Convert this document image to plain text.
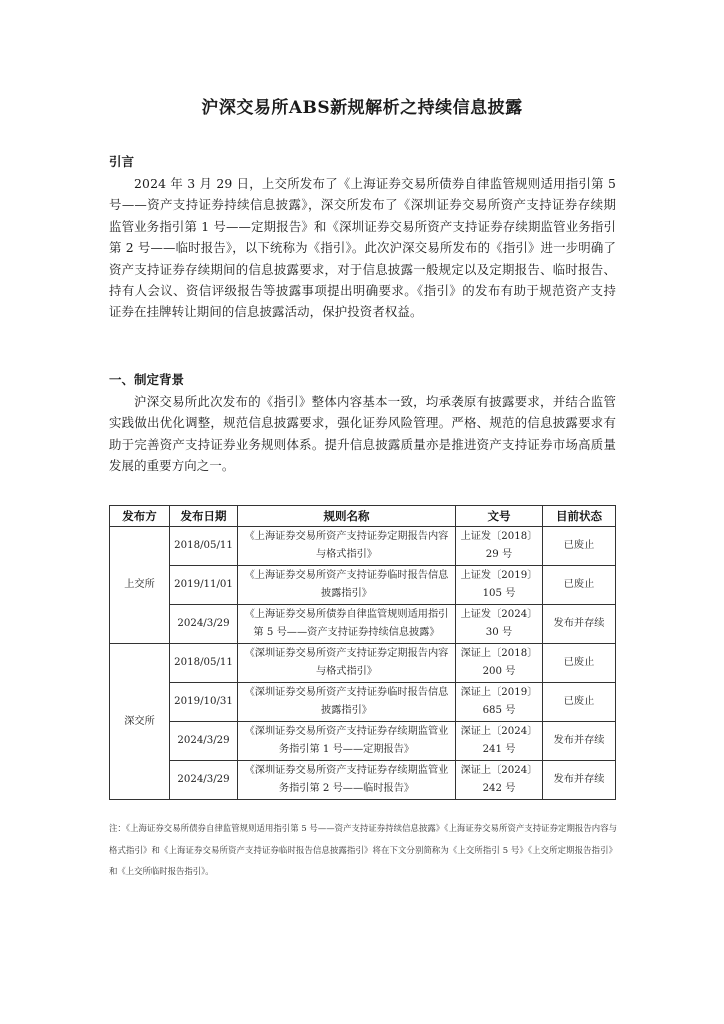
沪深交易所ABS新规解析之持续信息披露
引言
2024 年 3 月 29 日，上交所发布了《上海证券交易所债券自律监管规则适用指引第 5 号——资产支持证券持续信息披露》，深交所发布了《深圳证券交易所资产支持证券存续期监管业务指引第 1 号——定期报告》和《深圳证券交易所资产支持证券存续期监管业务指引第 2 号——临时报告》，以下统称为《指引》。此次沪深交易所发布的《指引》进一步明确了资产支持证券存续期间的信息披露要求，对于信息披露一般规定以及定期报告、临时报告、持有人会议、资信评级报告等披露事项提出明确要求。《指引》的发布有助于规范资产支持证券在挂牌转让期间的信息披露活动，保护投资者权益。
一、制定背景
沪深交易所此次发布的《指引》整体内容基本一致，均承袭原有披露要求，并结合监管实践做出优化调整，规范信息披露要求，强化证券风险管理。严格、规范的信息披露要求有助于完善资产支持证券业务规则体系。提升信息披露质量亦是推进资产支持证券市场高质量发展的重要方向之一。
发布方	发布日期	规则名称	文号	目前状态
上交所	2018/05/11	《上海证券交易所资产支持证券定期报告内容与格式指引》	上证发〔2018〕29 号	已废止
	2019/11/01	《上海证券交易所资产支持证券临时报告信息披露指引》	上证发〔2019〕105 号	已废止
	2024/3/29	《上海证券交易所债券自律监管规则适用指引第 5 号——资产支持证券持续信息披露》	上证发〔2024〕30 号	发布并存续
深交所	2018/05/11	《深圳证券交易所资产支持证券定期报告内容与格式指引》	深证上〔2018〕200 号	已废止
	2019/10/31	《深圳证券交易所资产支持证券临时报告信息披露指引》	深证上〔2019〕685 号	已废止
	2024/3/29	《深圳证券交易所资产支持证券存续期监管业务指引第 1 号——定期报告》	深证上〔2024〕241 号	发布并存续
	2024/3/29	《深圳证券交易所资产支持证券存续期监管业务指引第 2 号——临时报告》	深证上〔2024〕242 号	发布并存续
注：《上海证券交易所债券自律监管规则适用指引第 5 号——资产支持证券持续信息披露》《上海证券交易所资产支持证券定期报告内容与格式指引》和《上海证券交易所资产支持证券临时报告信息披露指引》将在下文分别简称为《上交所指引 5 号》《上交所定期报告指引》和《上交所临时报告指引》。
